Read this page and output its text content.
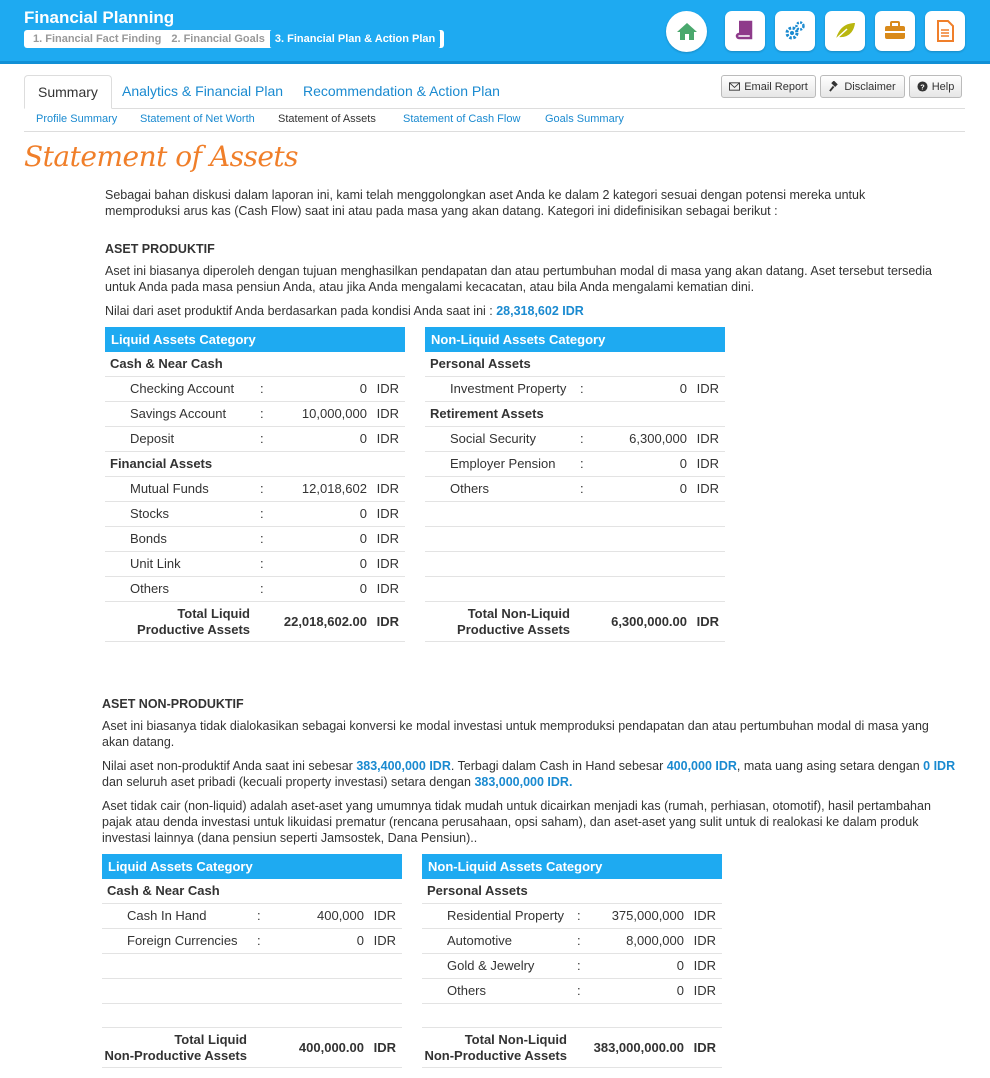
Financial Planning
1. Financial Fact Finding 2. Financial Goals 3. Financial Plan & Action Plan
Summary	Analytics & Financial Plan	Recommendation & Action Plan	Email Report	Disclaimer	? Help
Profile Summary Statement of Net Worth Statement of Assets Statement of Cash Flow Goals Summary
Statement of Assets
Sebagai bahan diskusi dalam laporan ini, kami telah menggolongkan aset Anda ke dalam 2 kategori sesuai dengan potensi mereka untuk memproduksi arus kas (Cash Flow) saat ini atau pada masa yang akan datang. Kategori ini didefinisikan sebagai berikut :
ASET PRODUKTIF
Aset ini biasanya diperoleh dengan tujuan menghasilkan pendapatan dan atau pertumbuhan modal di masa yang akan datang. Aset tersebut tersedia untuk Anda pada masa pensiun Anda, atau jika Anda mengalami kecacatan, atau bila Anda mengalami kematian dini.
Nilai dari aset produktif Anda berdasarkan pada kondisi Anda saat ini : 28,318,602 IDR
Liquid Assets Category
Cash & Near Cash
Checking Account :	0 IDR
Savings Account	:	10,000,000 IDR
Deposit	:	0 IDR
Financial Assets
Mutual Funds	:	12,018,602 IDR
Stocks	:	0 IDR
Bonds	:	0 IDR
Unit Link	:	0 IDR
Others	:	0 IDR
Total Liquid
Productive Assets
22,018,602.00 IDR
Non-Liquid Assets Category
Personal Assets
Investment Property :	0 IDR
Retirement Assets
Social Security	:	6,300,000 IDR
Employer Pension :	0 IDR
Others	:	0 IDR
Total Non-Liquid
Productive Assets
6,300,000.00 IDR
ASET NON-PRODUKTIF
Aset ini biasanya tidak dialokasikan sebagai konversi ke modal investasi untuk memproduksi pendapatan dan atau pertumbuhan modal di masa yang akan datang.
Nilai aset non-produktif Anda saat ini sebesar 383,400,000 IDR. Terbagi dalam Cash in Hand sebesar 400,000 IDR, mata uang asing setara dengan 0 IDR dan seluruh aset pribadi (kecuali property investasi) setara dengan 383,000,000 IDR.
Aset tidak cair (non-liquid) adalah aset-aset yang umumnya tidak mudah untuk dicairkan menjadi kas (rumah, perhiasan, otomotif), hasil pertambahan pajak atau denda investasi untuk likuidasi prematur (rencana perusahaan, opsi saham), dan aset-aset yang sulit untuk di realokasi ke dalam produk investasi lainnya (dana pensiun seperti Jamsostek, Dana Pensiun)..
Liquid Assets Category
Cash & Near Cash
Cash In Hand	:	400,000 IDR
Foreign Currencies :	0 IDR
Total Liquid
Non-Productive Assets
400,000.00 IDR
Non-Liquid Assets Category
Personal Assets
Residential Property : 375,000,000 IDR
Automotive	:	8,000,000 IDR
Gold & Jewelry	:	0 IDR
Others	:	0 IDR
Total Non-Liquid
Non-Productive Assets
383,000,000.00 IDR
